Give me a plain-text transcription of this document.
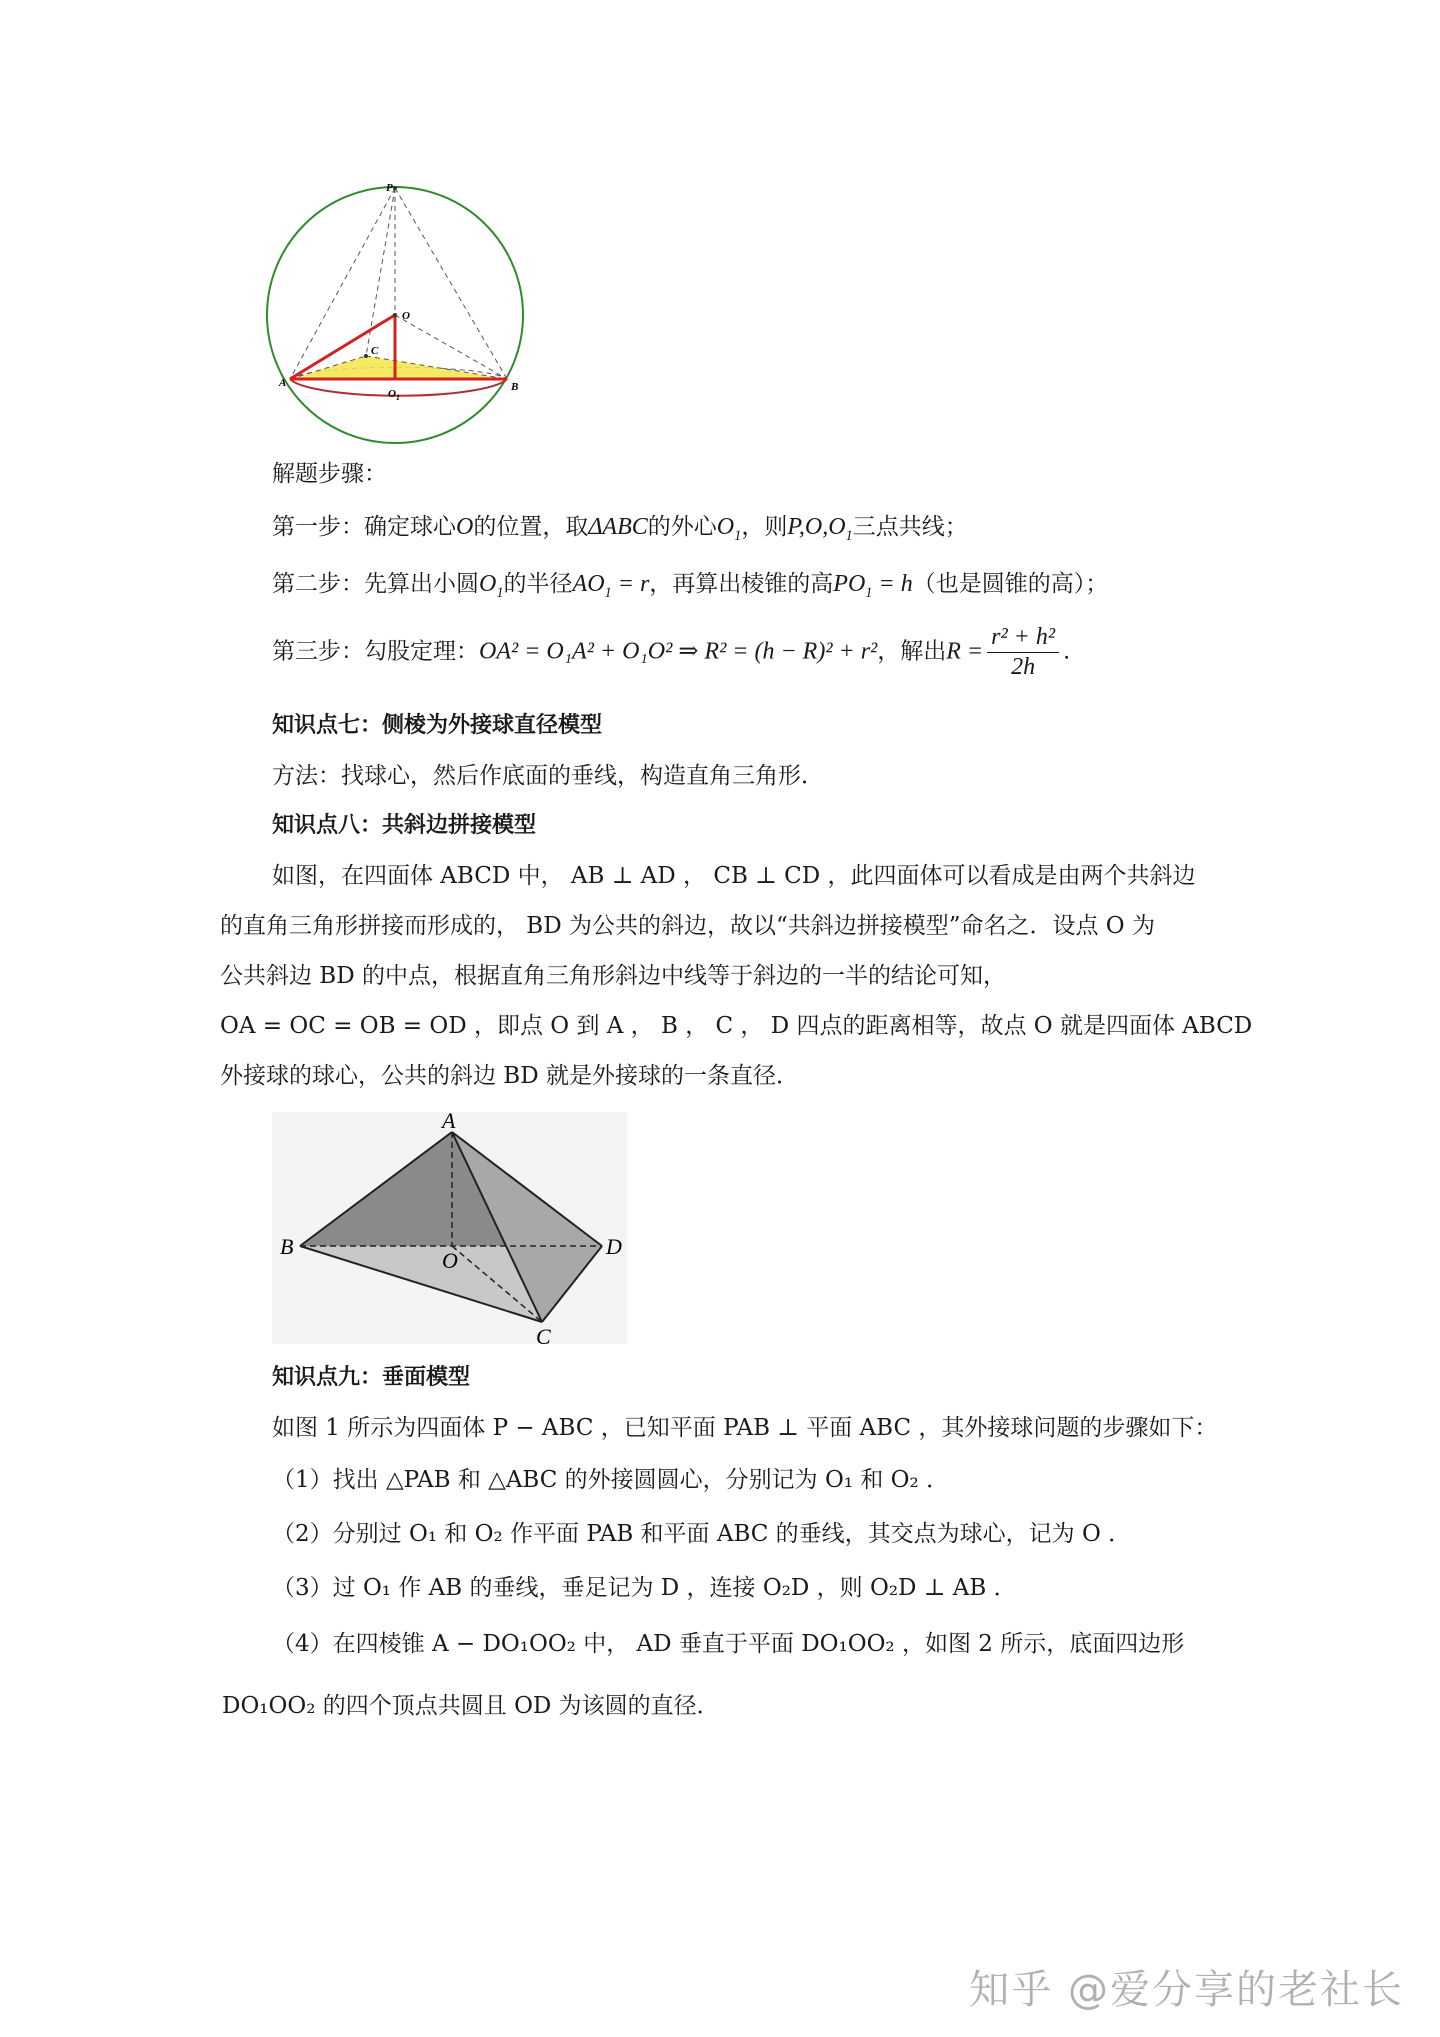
P
O
C
A	B
$O_1$
解题步骤：
第一步：确定球心O的位置，取ΔABC的外心$O_1$，则$P,O,O_1$三点共线；
第二步：先算出小圆$O_1$的半径$AO_1 = r$，再算出棱锥的高$PO_1 = h$（也是圆锥的高）；
第三步：勾股定理：OA² = O₁A² + O₁O² ⇒ R² = (h − R)² + r²，解出$R = \frac{\text{r² + h²}}{2h}$ .
知识点七：侧棱为外接球直径模型
方法：找球心，然后作底面的垂线，构造直角三角形．
知识点八：共斜边拼接模型
如图，在四面体 ABCD 中， AB ⊥ AD ， CB ⊥ CD ，此四面体可以看成是由两个共斜边
的直角三角形拼接而形成的， BD 为公共的斜边，故以“共斜边拼接模型”命名之．设点 O 为
公共斜边 BD 的中点，根据直角三角形斜边中线等于斜边的一半的结论可知，
OA = OC = OB = OD ，即点 O 到 A ， B ， C ， D 四点的距离相等，故点 O 就是四面体 ABCD
外接球的球心，公共的斜边 BD 就是外接球的一条直径．
A
B	D
O
C
知识点九：垂面模型
如图 1 所示为四面体 P − ABC ，已知平面 PAB ⊥ 平面 ABC ，其外接球问题的步骤如下：
（1）找出 △PAB 和 △ABC 的外接圆圆心，分别记为 O₁ 和 O₂ ．
（2）分别过 O₁ 和 O₂ 作平面 PAB 和平面 ABC 的垂线，其交点为球心，记为 O ．
（3）过 O₁ 作 AB 的垂线，垂足记为 D ，连接 O₂D ，则 O₂D ⊥ AB ．
（4）在四棱锥 A − DO₁OO₂ 中， AD 垂直于平面 DO₁OO₂ ，如图 2 所示，底面四边形
DO₁OO₂ 的四个顶点共圆且 OD 为该圆的直径．
知乎 @爱分享的老社长
